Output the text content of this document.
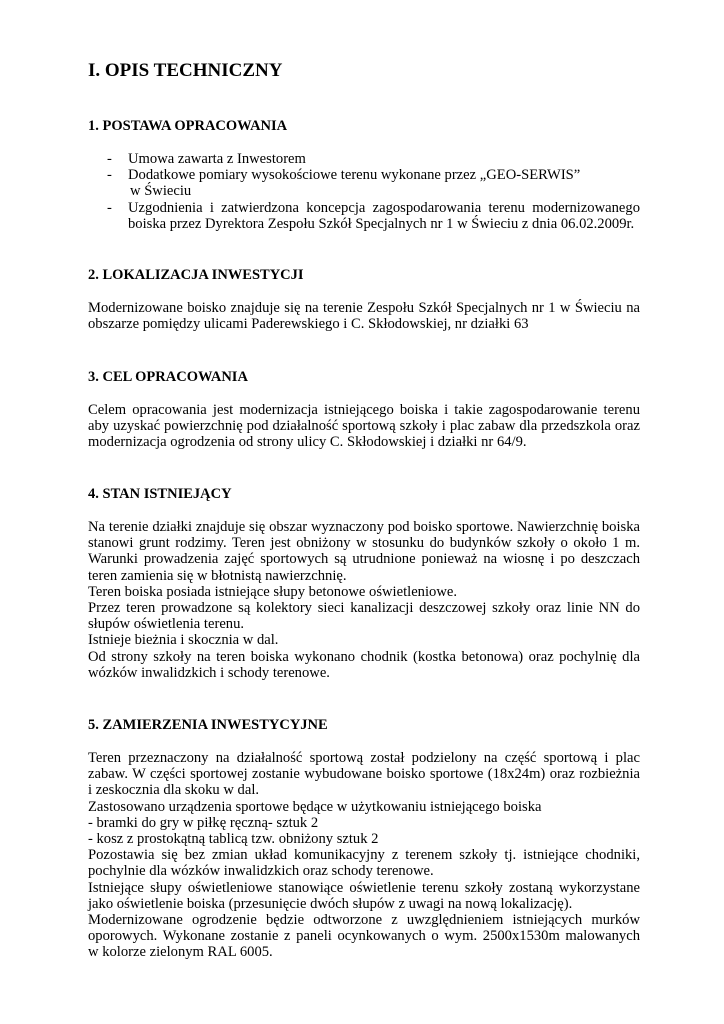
I. OPIS TECHNICZNY
1. POSTAWA OPRACOWANIA
- Umowa zawarta z Inwestorem
- Dodatkowe pomiary wysokościowe terenu wykonane przez „GEO-SERWIS”
w Świeciu
- Uzgodnienia i zatwierdzona koncepcja zagospodarowania terenu modernizowanego
boiska przez Dyrektora Zespołu Szkół Specjalnych nr 1 w Świeciu z dnia 06.02.2009r.
2. LOKALIZACJA INWESTYCJI
Modernizowane boisko znajduje się na terenie Zespołu Szkół Specjalnych nr 1 w Świeciu na
obszarze pomiędzy ulicami Paderewskiego i C. Skłodowskiej, nr działki 63
3. CEL OPRACOWANIA
Celem opracowania jest modernizacja istniejącego boiska i takie zagospodarowanie terenu
aby uzyskać powierzchnię pod działalność sportową szkoły i plac zabaw dla przedszkola oraz
modernizacja ogrodzenia od strony ulicy C. Skłodowskiej i działki nr 64/9.
4. STAN ISTNIEJĄCY
Na terenie działki znajduje się obszar wyznaczony pod boisko sportowe. Nawierzchnię boiska
stanowi grunt rodzimy. Teren jest obniżony w stosunku do budynków szkoły o około 1 m.
Warunki prowadzenia zajęć sportowych są utrudnione ponieważ na wiosnę i po deszczach
teren zamienia się w błotnistą nawierzchnię.
Teren boiska posiada istniejące słupy betonowe oświetleniowe.
Przez teren prowadzone są kolektory sieci kanalizacji deszczowej szkoły oraz linie NN do
słupów oświetlenia terenu.
Istnieje bieżnia i skocznia w dal.
Od strony szkoły na teren boiska wykonano chodnik (kostka betonowa) oraz pochylnię dla
wózków inwalidzkich i schody terenowe.
5. ZAMIERZENIA INWESTYCYJNE
Teren przeznaczony na działalność sportową został podzielony na część sportową i plac
zabaw. W części sportowej zostanie wybudowane boisko sportowe (18x24m) oraz rozbieżnia
i zeskocznia dla skoku w dal.
Zastosowano urządzenia sportowe będące w użytkowaniu istniejącego boiska
- bramki do gry w piłkę ręczną- sztuk 2
- kosz z prostokątną tablicą tzw. obniżony sztuk 2
Pozostawia się bez zmian układ komunikacyjny z terenem szkoły tj. istniejące chodniki,
pochylnie dla wózków inwalidzkich oraz schody terenowe.
Istniejące słupy oświetleniowe stanowiące oświetlenie terenu szkoły zostaną wykorzystane
jako oświetlenie boiska (przesunięcie dwóch słupów z uwagi na nową lokalizację).
Modernizowane ogrodzenie będzie odtworzone z uwzględnieniem istniejących murków
oporowych. Wykonane zostanie z paneli ocynkowanych o wym. 2500x1530m malowanych
w kolorze zielonym RAL 6005.
